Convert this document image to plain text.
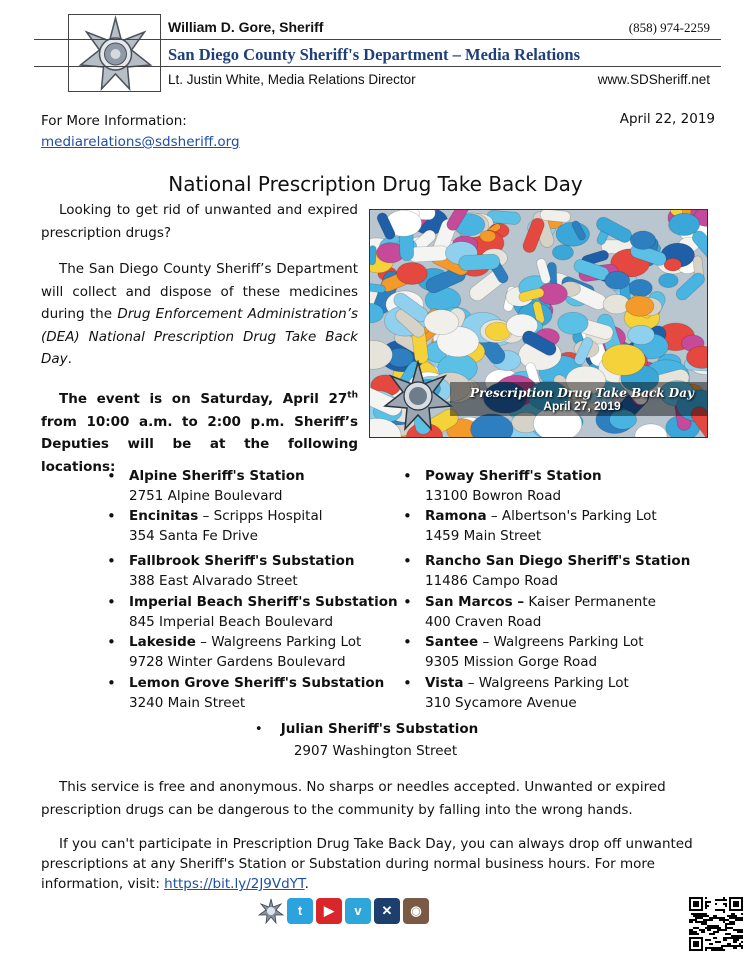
William D. Gore, Sheriff	(858) 974-2259
San Diego County Sheriff's Department – Media Relations
Lt. Justin White, Media Relations Director	www.SDSheriff.net
For More Information:
mediarelations@sdsheriff.org
April 22, 2019
National Prescription Drug Take Back Day

Looking to get rid of unwanted and expired prescription drugs?

The San Diego County Sheriff’s Department will collect and dispose of these medicines during the Drug Enforcement Administration’s (DEA) National Prescription Drug Take Back Day.

The event is on Saturday, April 27th from 10:00 a.m. to 2:00 p.m. Sheriff’s Deputies will be at the following locations:

Prescription Drug Take Back Day
April 27, 2019
• Alpine Sheriff's Station
2751 Alpine Boulevard
• Encinitas – Scripps Hospital
354 Santa Fe Drive
• Fallbrook Sheriff's Substation
388 East Alvarado Street
• Imperial Beach Sheriff's Substation
845 Imperial Beach Boulevard
• Lakeside – Walgreens Parking Lot
9728 Winter Gardens Boulevard
• Lemon Grove Sheriff's Substation
3240 Main Street
• Poway Sheriff's Station
13100 Bowron Road
• Ramona – Albertson's Parking Lot
1459 Main Street
• Rancho San Diego Sheriff's Station
11486 Campo Road
• San Marcos – Kaiser Permanente
400 Craven Road
• Santee – Walgreens Parking Lot
9305 Mission Gorge Road
• Vista – Walgreens Parking Lot
310 Sycamore Avenue
• Julian Sheriff's Substation
2907 Washington Street
This service is free and anonymous. No sharps or needles accepted. Unwanted or expired prescription drugs can be dangerous to the community by falling into the wrong hands.
If you can't participate in Prescription Drug Take Back Day, you can always drop off unwanted prescriptions at any Sheriff's Station or Substation during normal business hours. For more information, visit: https://bit.ly/2J9VdYT.
t	▶	v	✕	◉
